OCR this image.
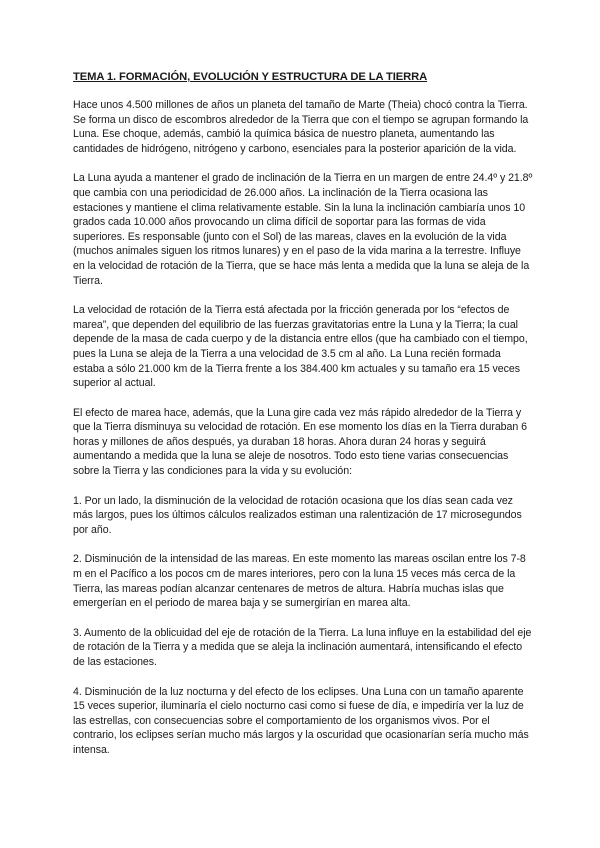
TEMA 1. FORMACIÓN, EVOLUCIÓN Y ESTRUCTURA DE LA TIERRA

Hace unos 4.500 millones de años un planeta del tamaño de Marte (Theia) chocó contra la Tierra. Se forma un disco de escombros alrededor de la Tierra que con el tiempo se agrupan formando la Luna. Ese choque, además, cambió la química básica de nuestro planeta, aumentando las cantidades de hidrógeno, nitrógeno y carbono, esenciales para la posterior aparición de la vida.

La Luna ayuda a mantener el grado de inclinación de la Tierra en un margen de entre 24.4º y 21.8º que cambia con una periodicidad de 26.000 años. La inclinación de la Tierra ocasiona las estaciones y mantiene el clima relativamente estable. Sin la luna la inclinación cambiaría unos 10 grados cada 10.000 años provocando un clima difícil de soportar para las formas de vida superiores. Es responsable (junto con el Sol) de las mareas, claves en la evolución de la vida (muchos animales siguen los ritmos lunares) y en el paso de la vida marina a la terrestre. Influye en la velocidad de rotación de la Tierra, que se hace más lenta a medida que la luna se aleja de la Tierra.

La velocidad de rotación de la Tierra está afectada por la fricción generada por los “efectos de marea”, que dependen del equilibrio de las fuerzas gravitatorias entre la Luna y la Tierra; la cual depende de la masa de cada cuerpo y de la distancia entre ellos (que ha cambiado con el tiempo, pues la Luna se aleja de la Tierra a una velocidad de 3.5 cm al año. La Luna recién formada estaba a sólo 21.000 km de la Tierra frente a los 384.400 km actuales y su tamaño era 15 veces superior al actual.

El efecto de marea hace, además, que la Luna gire cada vez más rápido alrededor de la Tierra y que la Tierra disminuya su velocidad de rotación. En ese momento los días en la Tierra duraban 6 horas y millones de años después, ya duraban 18 horas. Ahora duran 24 horas y seguirá aumentando a medida que la luna se aleje de nosotros. Todo esto tiene varias consecuencias sobre la Tierra y las condiciones para la vida y su evolución:

1. Por un lado, la disminución de la velocidad de rotación ocasiona que los días sean cada vez más largos, pues los últimos cálculos realizados estiman una ralentización de 17 microsegundos por año.

2. Disminución de la intensidad de las mareas. En este momento las mareas oscilan entre los 7-8 m en el Pacífico a los pocos cm de mares interiores, pero con la luna 15 veces más cerca de la Tierra, las mareas podían alcanzar centenares de metros de altura. Habría muchas islas que emergerían en el periodo de marea baja y se sumergirían en marea alta.

3. Aumento de la oblicuidad del eje de rotación de la Tierra. La luna influye en la estabilidad del eje de rotación de la Tierra y a medida que se aleja la inclinación aumentará, intensificando el efecto de las estaciones.

4. Disminución de la luz nocturna y del efecto de los eclipses. Una Luna con un tamaño aparente 15 veces superior, iluminaría el cielo nocturno casi como si fuese de día, e impediría ver la luz de las estrellas, con consecuencias sobre el comportamiento de los organismos vivos. Por el contrario, los eclipses serían mucho más largos y la oscuridad que ocasionarían sería mucho más intensa.
